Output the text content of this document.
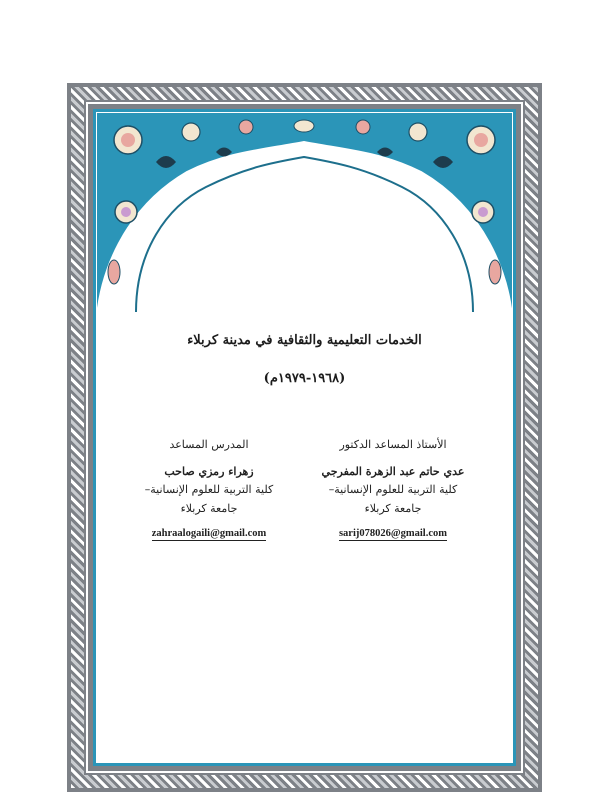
الخدمات التعليمية والثقافية في مدينة كربلاء
(١٩٦٨-١٩٧٩م)
الأستاذ المساعد الدكتور
عدي حاتم عبد الزهرة المفرجي
كلية التربية للعلوم الإنسانية–
جامعة كربلاء
sarij078026@gmail.com
المدرس المساعد
زهراء رمزي صاحب
كلية التربية للعلوم الإنسانية–
جامعة كربلاء
zahraalogaili@gmail.com
